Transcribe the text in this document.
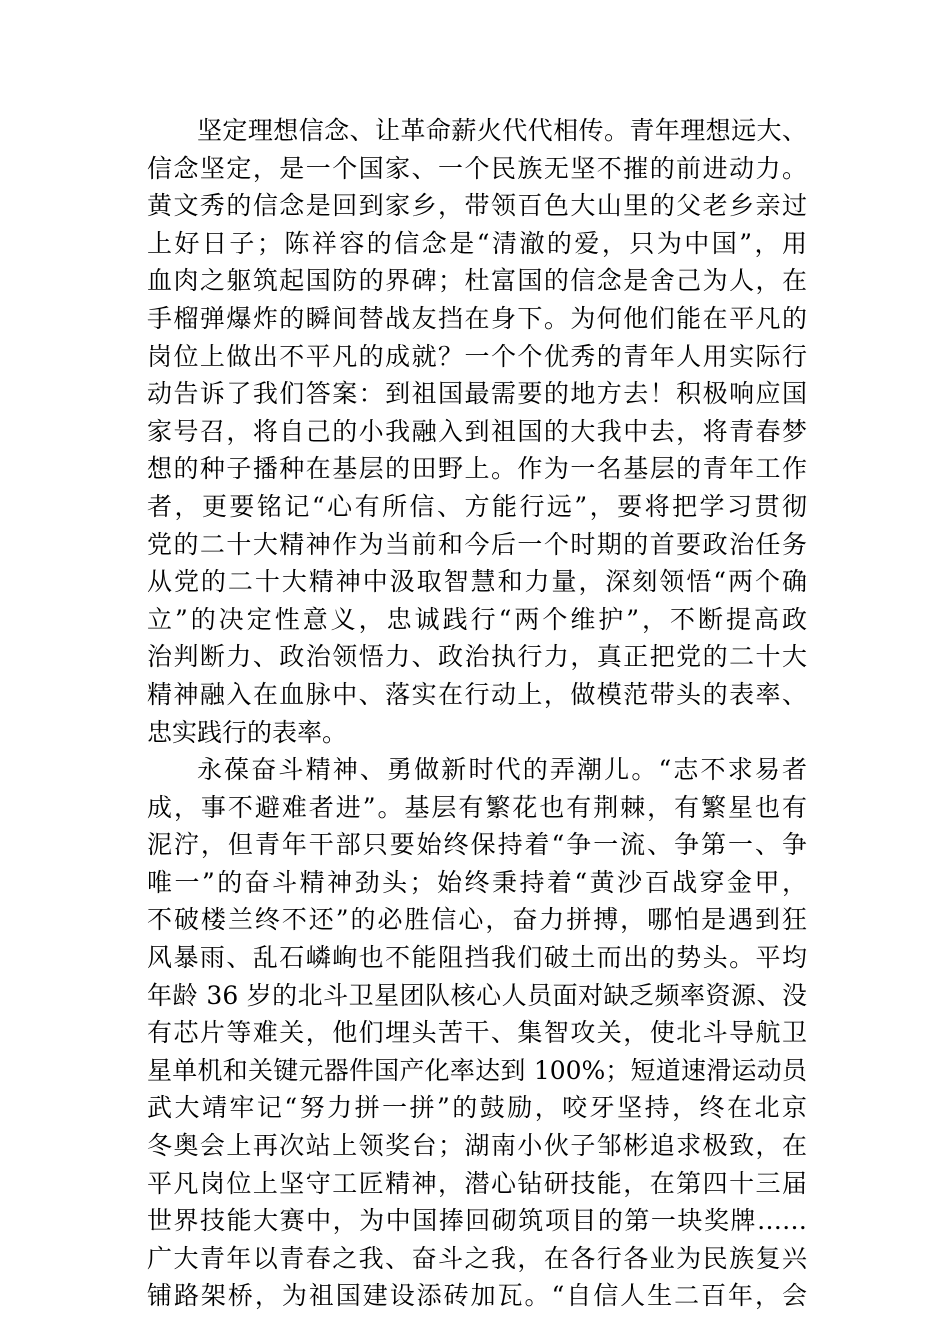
坚定理想信念、让革命薪火代代相传。青年理想远大、
信念坚定，是一个国家、一个民族无坚不摧的前进动力。
黄文秀的信念是回到家乡，带领百色大山里的父老乡亲过
上好日子；陈祥容的信念是“清澈的爱，只为中国”，用
血肉之躯筑起国防的界碑；杜富国的信念是舍己为人，在
手榴弹爆炸的瞬间替战友挡在身下。为何他们能在平凡的
岗位上做出不平凡的成就？一个个优秀的青年人用实际行
动告诉了我们答案：到祖国最需要的地方去！积极响应国
家号召，将自己的小我融入到祖国的大我中去，将青春梦
想的种子播种在基层的田野上。作为一名基层的青年工作
者，更要铭记“心有所信、方能行远”，要将把学习贯彻
党的二十大精神作为当前和今后一个时期的首要政治任务
从党的二十大精神中汲取智慧和力量，深刻领悟“两个确
立”的决定性意义，忠诚践行“两个维护”，不断提高政
治判断力、政治领悟力、政治执行力，真正把党的二十大
精神融入在血脉中、落实在行动上，做模范带头的表率、
忠实践行的表率。
永葆奋斗精神、勇做新时代的弄潮儿。“志不求易者
成，事不避难者进”。基层有繁花也有荆棘，有繁星也有
泥泞，但青年干部只要始终保持着“争一流、争第一、争
唯一”的奋斗精神劲头；始终秉持着“黄沙百战穿金甲，
不破楼兰终不还”的必胜信心，奋力拼搏，哪怕是遇到狂
风暴雨、乱石嶙峋也不能阻挡我们破土而出的势头。平均
年龄 36 岁的北斗卫星团队核心人员面对缺乏频率资源、没
有芯片等难关，他们埋头苦干、集智攻关，使北斗导航卫
星单机和关键元器件国产化率达到 100%；短道速滑运动员
武大靖牢记“努力拼一拼”的鼓励，咬牙坚持，终在北京
冬奥会上再次站上领奖台；湖南小伙子邹彬追求极致，在
平凡岗位上坚守工匠精神，潜心钻研技能，在第四十三届
世界技能大赛中，为中国捧回砌筑项目的第一块奖牌……
广大青年以青春之我、奋斗之我，在各行各业为民族复兴
铺路架桥，为祖国建设添砖加瓦。“自信人生二百年，会
